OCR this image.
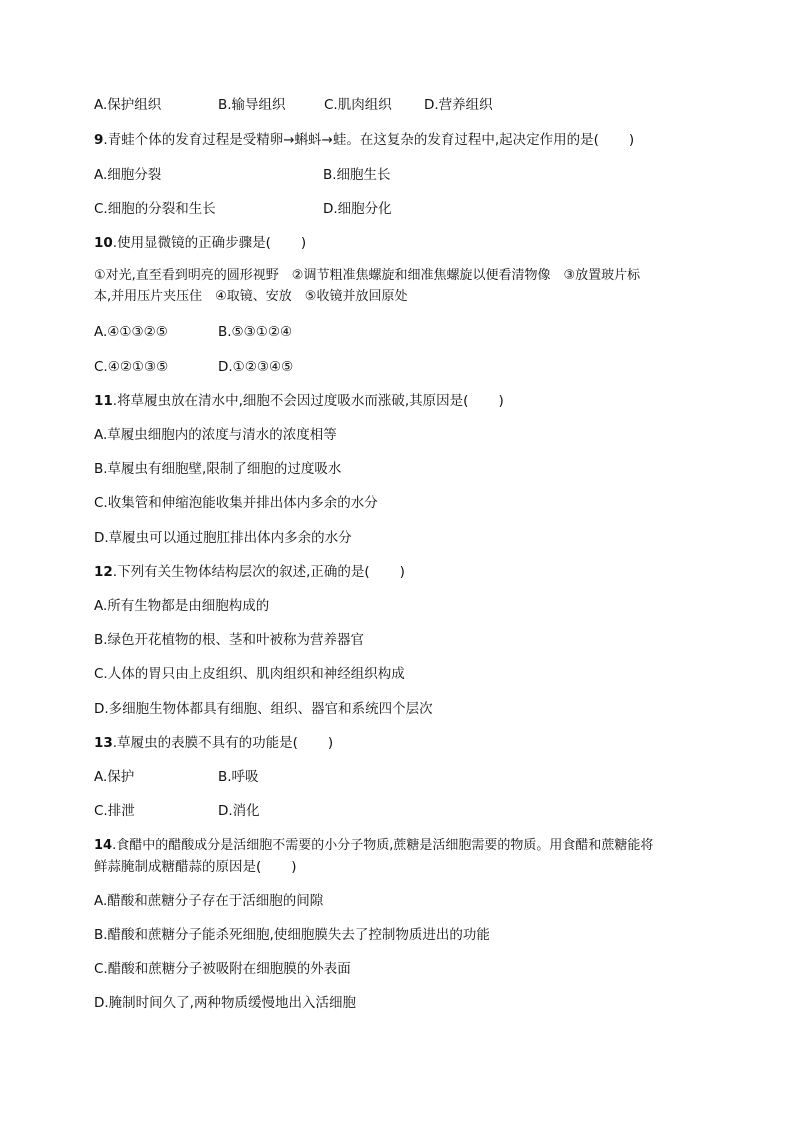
A.保护组织	B.输导组织	C.肌肉组织 D.营养组织
9.青蛙个体的发育过程是受精卵→蝌蚪→蛙。在这复杂的发育过程中,起决定作用的是( )
A.细胞分裂	B.细胞生长
C.细胞的分裂和生长	D.细胞分化
10.使用显微镜的正确步骤是( )
①对光,直至看到明亮的圆形视野　②调节粗准焦螺旋和细准焦螺旋以便看清物像　③放置玻片标
本,并用压片夹压住　④取镜、安放　⑤收镜并放回原处
A.④①③②⑤	B.⑤③①②④
C.④②①③⑤	D.①②③④⑤
11.将草履虫放在清水中,细胞不会因过度吸水而涨破,其原因是( )
A.草履虫细胞内的浓度与清水的浓度相等
B.草履虫有细胞壁,限制了细胞的过度吸水
C.收集管和伸缩泡能收集并排出体内多余的水分
D.草履虫可以通过胞肛排出体内多余的水分
12.下列有关生物体结构层次的叙述,正确的是( )
A.所有生物都是由细胞构成的
B.绿色开花植物的根、茎和叶被称为营养器官
C.人体的胃只由上皮组织、肌肉组织和神经组织构成
D.多细胞生物体都具有细胞、组织、器官和系统四个层次
13.草履虫的表膜不具有的功能是( )
A.保护	B.呼吸
C.排泄	D.消化
14.食醋中的醋酸成分是活细胞不需要的小分子物质,蔗糖是活细胞需要的物质。用食醋和蔗糖能将
鲜蒜腌制成糖醋蒜的原因是( )
A.醋酸和蔗糖分子存在于活细胞的间隙
B.醋酸和蔗糖分子能杀死细胞,使细胞膜失去了控制物质进出的功能
C.醋酸和蔗糖分子被吸附在细胞膜的外表面
D.腌制时间久了,两种物质缓慢地出入活细胞
